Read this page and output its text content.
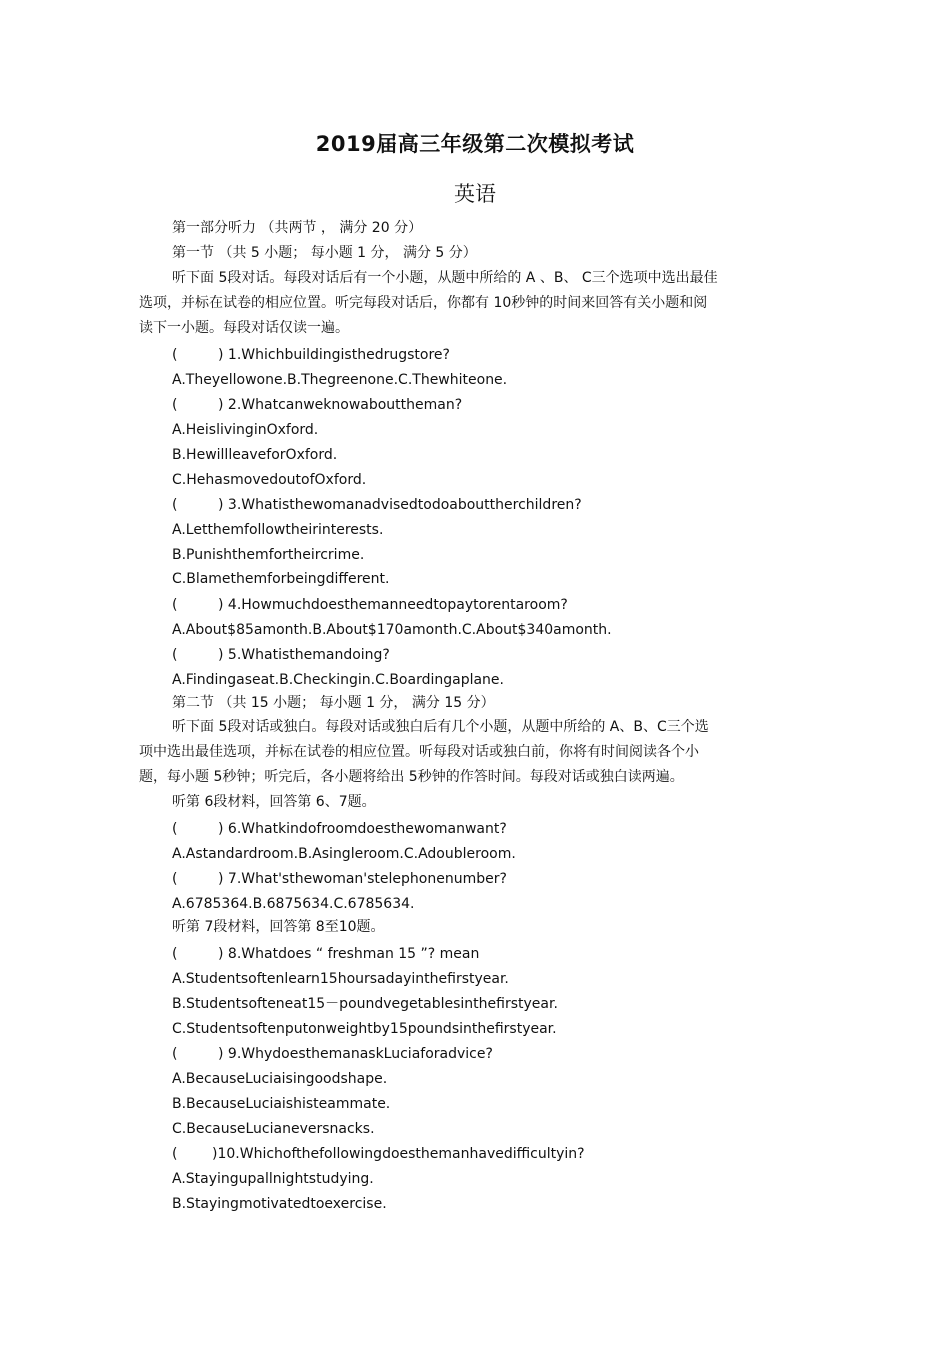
2019届高三年级第二次模拟考试
英语
第一部分听力 （共两节 ， 满分 20 分）
第一节 （共 5 小题； 每小题 1 分， 满分 5 分）
听下面 5段对话。每段对话后有一个小题，从题中所给的 A 、B、 C三个选项中选出最佳
选项，并标在试卷的相应位置。听完每段对话后，你都有 10秒钟的时间来回答有关小题和阅
读下一小题。每段对话仅读一遍。
(	) 1.Whichbuildingisthedrugstore?
A.Theyellowone.B.Thegreenone.C.Thewhiteone.
(	) 2.Whatcanweknowabouttheman?
A.HeislivinginOxford.
B.HewillleaveforOxford.
C.HehasmovedoutofOxford.
(	) 3.Whatisthewomanadvisedtodoabouttherchildren?
A.Letthemfollowtheirinterests.
B.Punishthemfortheircrime.
C.Blamethemforbeingdifferent.
(	) 4.Howmuchdoesthemanneedtopaytorentaroom?
A.About$85amonth.B.About$170amonth.C.About$340amonth.
(	) 5.Whatisthemandoing?
A.Findingaseat.B.Checkingin.C.Boardingaplane.
第二节 （共 15 小题； 每小题 1 分， 满分 15 分）
听下面 5段对话或独白。每段对话或独白后有几个小题，从题中所给的 A、B、C三个选
项中选出最佳选项，并标在试卷的相应位置。听每段对话或独白前，你将有时间阅读各个小
题，每小题 5秒钟；听完后，各小题将给出 5秒钟的作答时间。每段对话或独白读两遍。
听第 6段材料，回答第 6、7题。
(	) 6.Whatkindofroomdoesthewomanwant?
A.Astandardroom.B.Asingleroom.C.Adoubleroom.
(	) 7.What'sthewoman'stelephonenumber?
A.6785364.B.6875634.C.6785634.
听第 7段材料，回答第 8至10题。
(	) 8.Whatdoes “ freshman 15 ”? mean
A.Studentsoftenlearn15hoursadayinthefirstyear.
B.Studentsofteneat15－poundvegetablesinthefirstyear.
C.Studentsoftenputonweightby15poundsinthefirstyear.
(	) 9.WhydoesthemanaskLuciaforadvice?
A.BecauseLuciaisingoodshape.
B.BecauseLuciaishisteammate.
C.BecauseLucianeversnacks.
( )10.Whichofthefollowingdoesthemanhavedifficultyin?
A.Stayingupallnightstudying.
B.Stayingmotivatedtoexercise.
